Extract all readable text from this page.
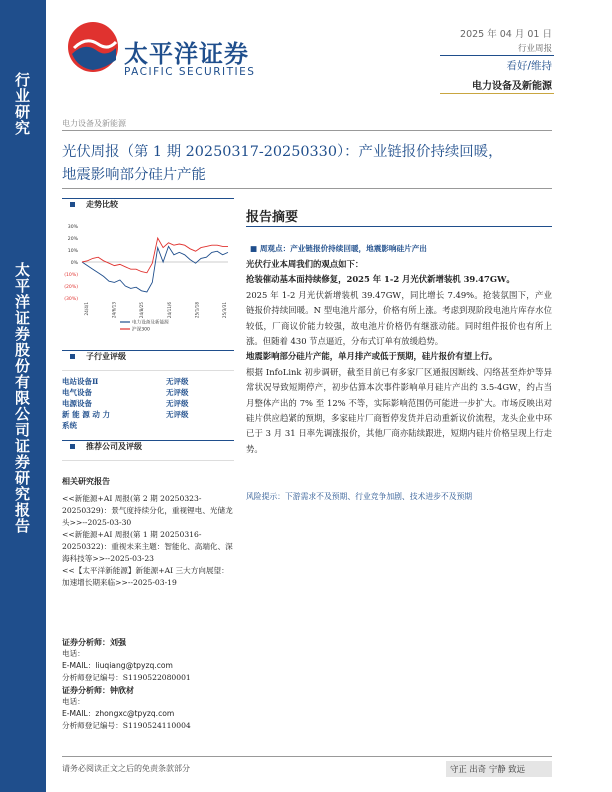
行业研究
太平洋证券股份有限公司证券研究报告
太平洋证券
PACIFIC SECURITIES
2025 年 04 月 01 日
行业周报
看好/维持
电力设备及新能源
电力设备及新能源
光伏周报（第 1 期 20250317-20250330）：产业链报价持续回暖，
地震影响部分硅片产能
走势比较
30%
20%
10%
0%
(10%)
(20%)
(30%)
24/4/1	24/6/13	24/8/25	24/11/6	25/1/18	25/3/31
电力设备及新能源
沪深300
子行业评级
电站设备Ⅱ	无评级
电气设备	无评级
电源设备	无评级
新 能 源 动 力	无评级
系统
推荐公司及评级
相关研究报告
<<新能源+AI 周报(第 2 期 20250323-20250329)：景气度持续分化，重视锂电、光储龙头>>--2025-03-30
<<新能源+AI 周报(第 1 期 20250316-20250322)：重视未来主题：智能化、高端化、深海科技等>>--2025-03-23
<<【太平洋新能源】新能源+AI 三大方向展望：加速增长期来临>>--2025-03-19
证券分析师：刘强
电话：
E-MAIL：liuqiang@tpyzq.com
分析师登记编号：S1190522080001
证券分析师：钟欣材
电话：
E-MAIL：zhongxc@tpyzq.com
分析师登记编号：S1190524110004
报告摘要
■ 周观点：产业链报价持续回暖，地震影响硅片产出

光伏行业本周我们的观点如下：

抢装催动基本面持续修复，2025 年 1-2 月光伏新增装机 39.47GW。

2025 年 1-2 月光伏新增装机 39.47GW，同比增长 7.49%。抢装氛围下，产业链报价持续回暖。N 型电池片部分，价格有所上涨。考虑到现阶段电池片库存水位较低，厂商议价能力较强，故电池片价格仍有继涨动能。同时组件报价也有所上涨。但随着 430 节点逼近，分布式订单有放缓趋势。

地震影响部分硅片产能，单月排产或低于预期，硅片报价有望上行。

根据 InfoLink 初步调研，截至目前已有多家厂区通报因断线、闪络甚至炸炉等异常状况导致短期停产，初步估算本次事件影响单月硅片产出约 3.5-4GW，约占当月整体产出的 7% 至 12% 不等，实际影响范围仍可能进一步扩大。市场反映出对硅片供应趋紧的预期，多家硅片厂商暂停发货并启动重新议价流程，龙头企业中环已于 3 月 31 日率先调涨报价，其他厂商亦陆续跟进，短期内硅片价格呈现上行走势。

风险提示：下游需求不及预期、行业竞争加剧、技术进步不及预期
请务必阅读正文之后的免责条款部分	守正 出奇 宁静 致远
